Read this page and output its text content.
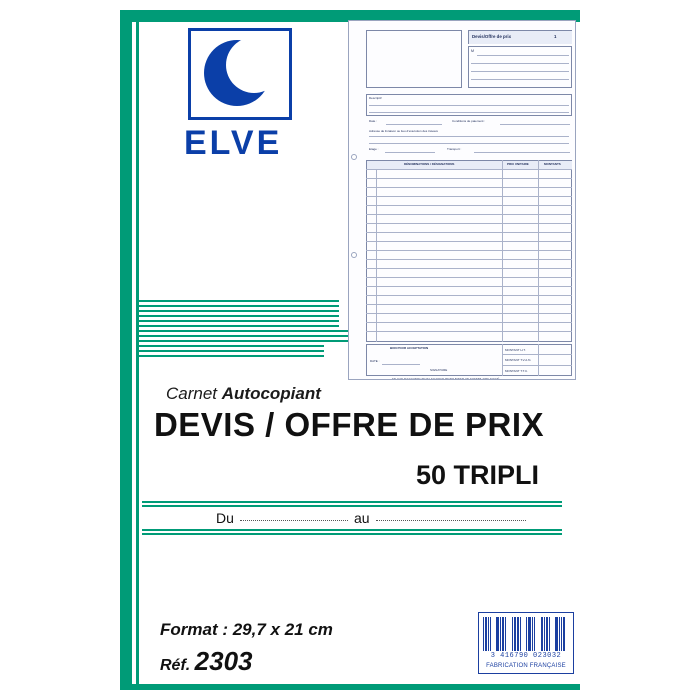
ELVE
Carnet Autocopiant
DEVIS / OFFRE DE PRIX
50 TRIPLI
Du	au
Format : 29,7 x 21 cm
Réf. 2303
	3 416790 023032
FABRICATION FRANÇAISE
Devis/Offre de prix	1
M
Descriptif
Date :	Conditions de paiement :
Adresse de livraison ou lieu d'exécution des travaux
Etage :	Transport :
DÉNOMINATIONS / DÉSIGNATIONS	PRIX UNITAIRE	MONTANTS
BON POUR ACCEPTATION
DATE :
SIGNATURE
MONTANT H.T.
MONTANT T.V.A.%
MONTANT T.T.C.
EN CAS D'ACCORD VEUILLEZ NOUS RETOURNER UN EXEMPLAIRE SIGNÉ
